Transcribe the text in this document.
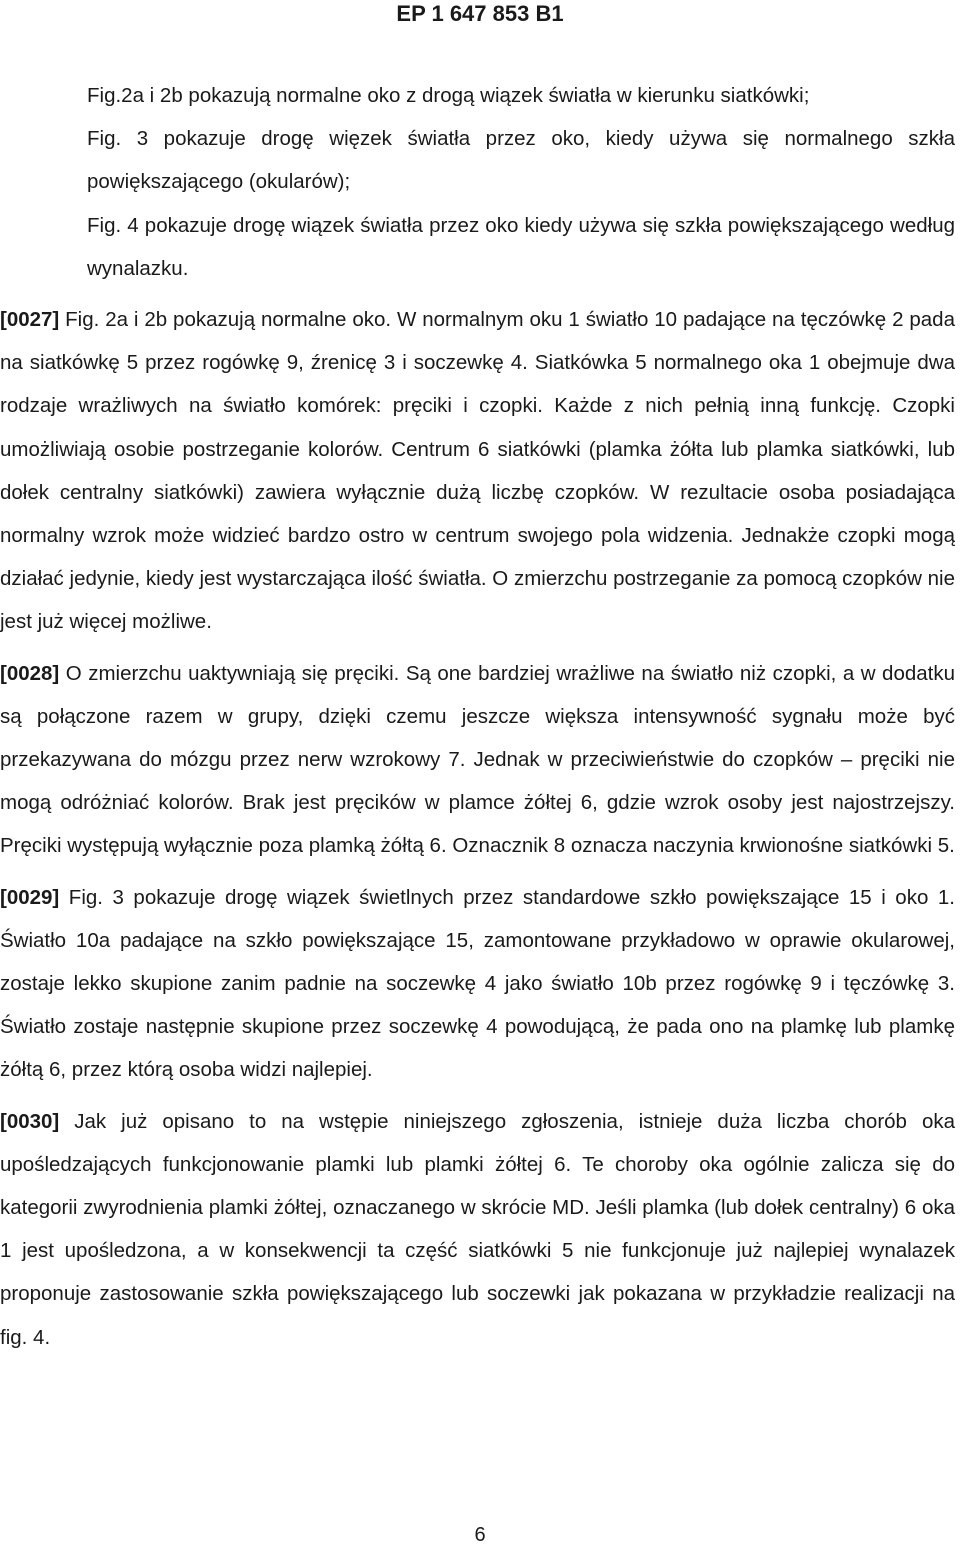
EP 1 647 853 B1
Fig.2a i 2b pokazują normalne oko z drogą wiązek światła w kierunku siatkówki;
Fig. 3 pokazuje drogę więzek światła przez oko, kiedy używa się normalnego szkła powiększającego (okularów);
Fig. 4 pokazuje drogę wiązek światła przez oko kiedy używa się szkła powiększającego według wynalazku.

[0027] Fig. 2a i 2b pokazują normalne oko. W normalnym oku 1 światło 10 padające na tęczówkę 2 pada na siatkówkę 5 przez rogówkę 9, źrenicę 3 i soczewkę 4. Siatkówka 5 normalnego oka 1 obejmuje dwa rodzaje wrażliwych na światło komórek: pręciki i czopki. Każde z nich pełnią inną funkcję. Czopki umożliwiają osobie postrzeganie kolorów. Centrum 6 siatkówki (plamka żółta lub plamka siatkówki, lub dołek centralny siatkówki) zawiera wyłącznie dużą liczbę czopków. W rezultacie osoba posiadająca normalny wzrok może widzieć bardzo ostro w centrum swojego pola widzenia. Jednakże czopki mogą działać jedynie, kiedy jest wystarczająca ilość światła. O zmierzchu postrzeganie za pomocą czopków nie jest już więcej możliwe.

[0028] O zmierzchu uaktywniają się pręciki. Są one bardziej wrażliwe na światło niż czopki, a w dodatku są połączone razem w grupy, dzięki czemu jeszcze większa intensywność sygnału może być przekazywana do mózgu przez nerw wzrokowy 7. Jednak w przeciwieństwie do czopków – pręciki nie mogą odróżniać kolorów. Brak jest pręcików w plamce żółtej 6, gdzie wzrok osoby jest najostrzejszy. Pręciki występują wyłącznie poza plamką żółtą 6. Oznacznik 8 oznacza naczynia krwionośne siatkówki 5.

[0029] Fig. 3 pokazuje drogę wiązek świetlnych przez standardowe szkło powiększające 15 i oko 1. Światło 10a padające na szkło powiększające 15, zamontowane przykładowo w oprawie okularowej, zostaje lekko skupione zanim padnie na soczewkę 4 jako światło 10b przez rogówkę 9 i tęczówkę 3. Światło zostaje następnie skupione przez soczewkę 4 powodującą, że pada ono na plamkę lub plamkę żółtą 6, przez którą osoba widzi najlepiej.

[0030] Jak już opisano to na wstępie niniejszego zgłoszenia, istnieje duża liczba chorób oka upośledzających funkcjonowanie plamki lub plamki żółtej 6. Te choroby oka ogólnie zalicza się do kategorii zwyrodnienia plamki żółtej, oznaczanego w skrócie MD. Jeśli plamka (lub dołek centralny) 6 oka 1 jest upośledzona, a w konsekwencji ta część siatkówki 5 nie funkcjonuje już najlepiej wynalazek proponuje zastosowanie szkła powiększającego lub soczewki jak pokazana w przykładzie realizacji na fig. 4.

6
